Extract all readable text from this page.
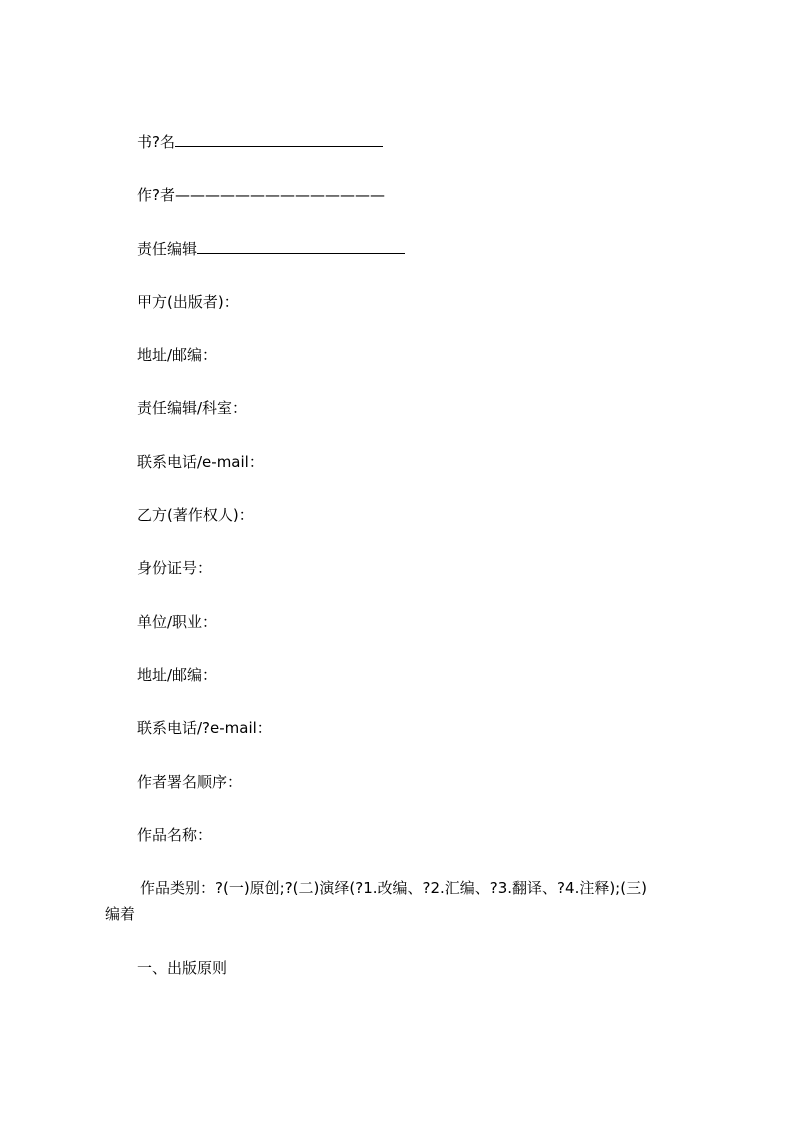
书?名
作?者——————————————
责任编辑
甲方(出版者)：
地址/邮编：
责任编辑/科室：
联系电话/e-mail：
乙方(著作权人)：
身份证号：
单位/职业：
地址/邮编：
联系电话/?e-mail：
作者署名顺序：
作品名称：
作品类别：?(一)原创;?(二)演绎(?1.改编、?2.汇编、?3.翻译、?4.注释);(三)
编着
一、出版原则
